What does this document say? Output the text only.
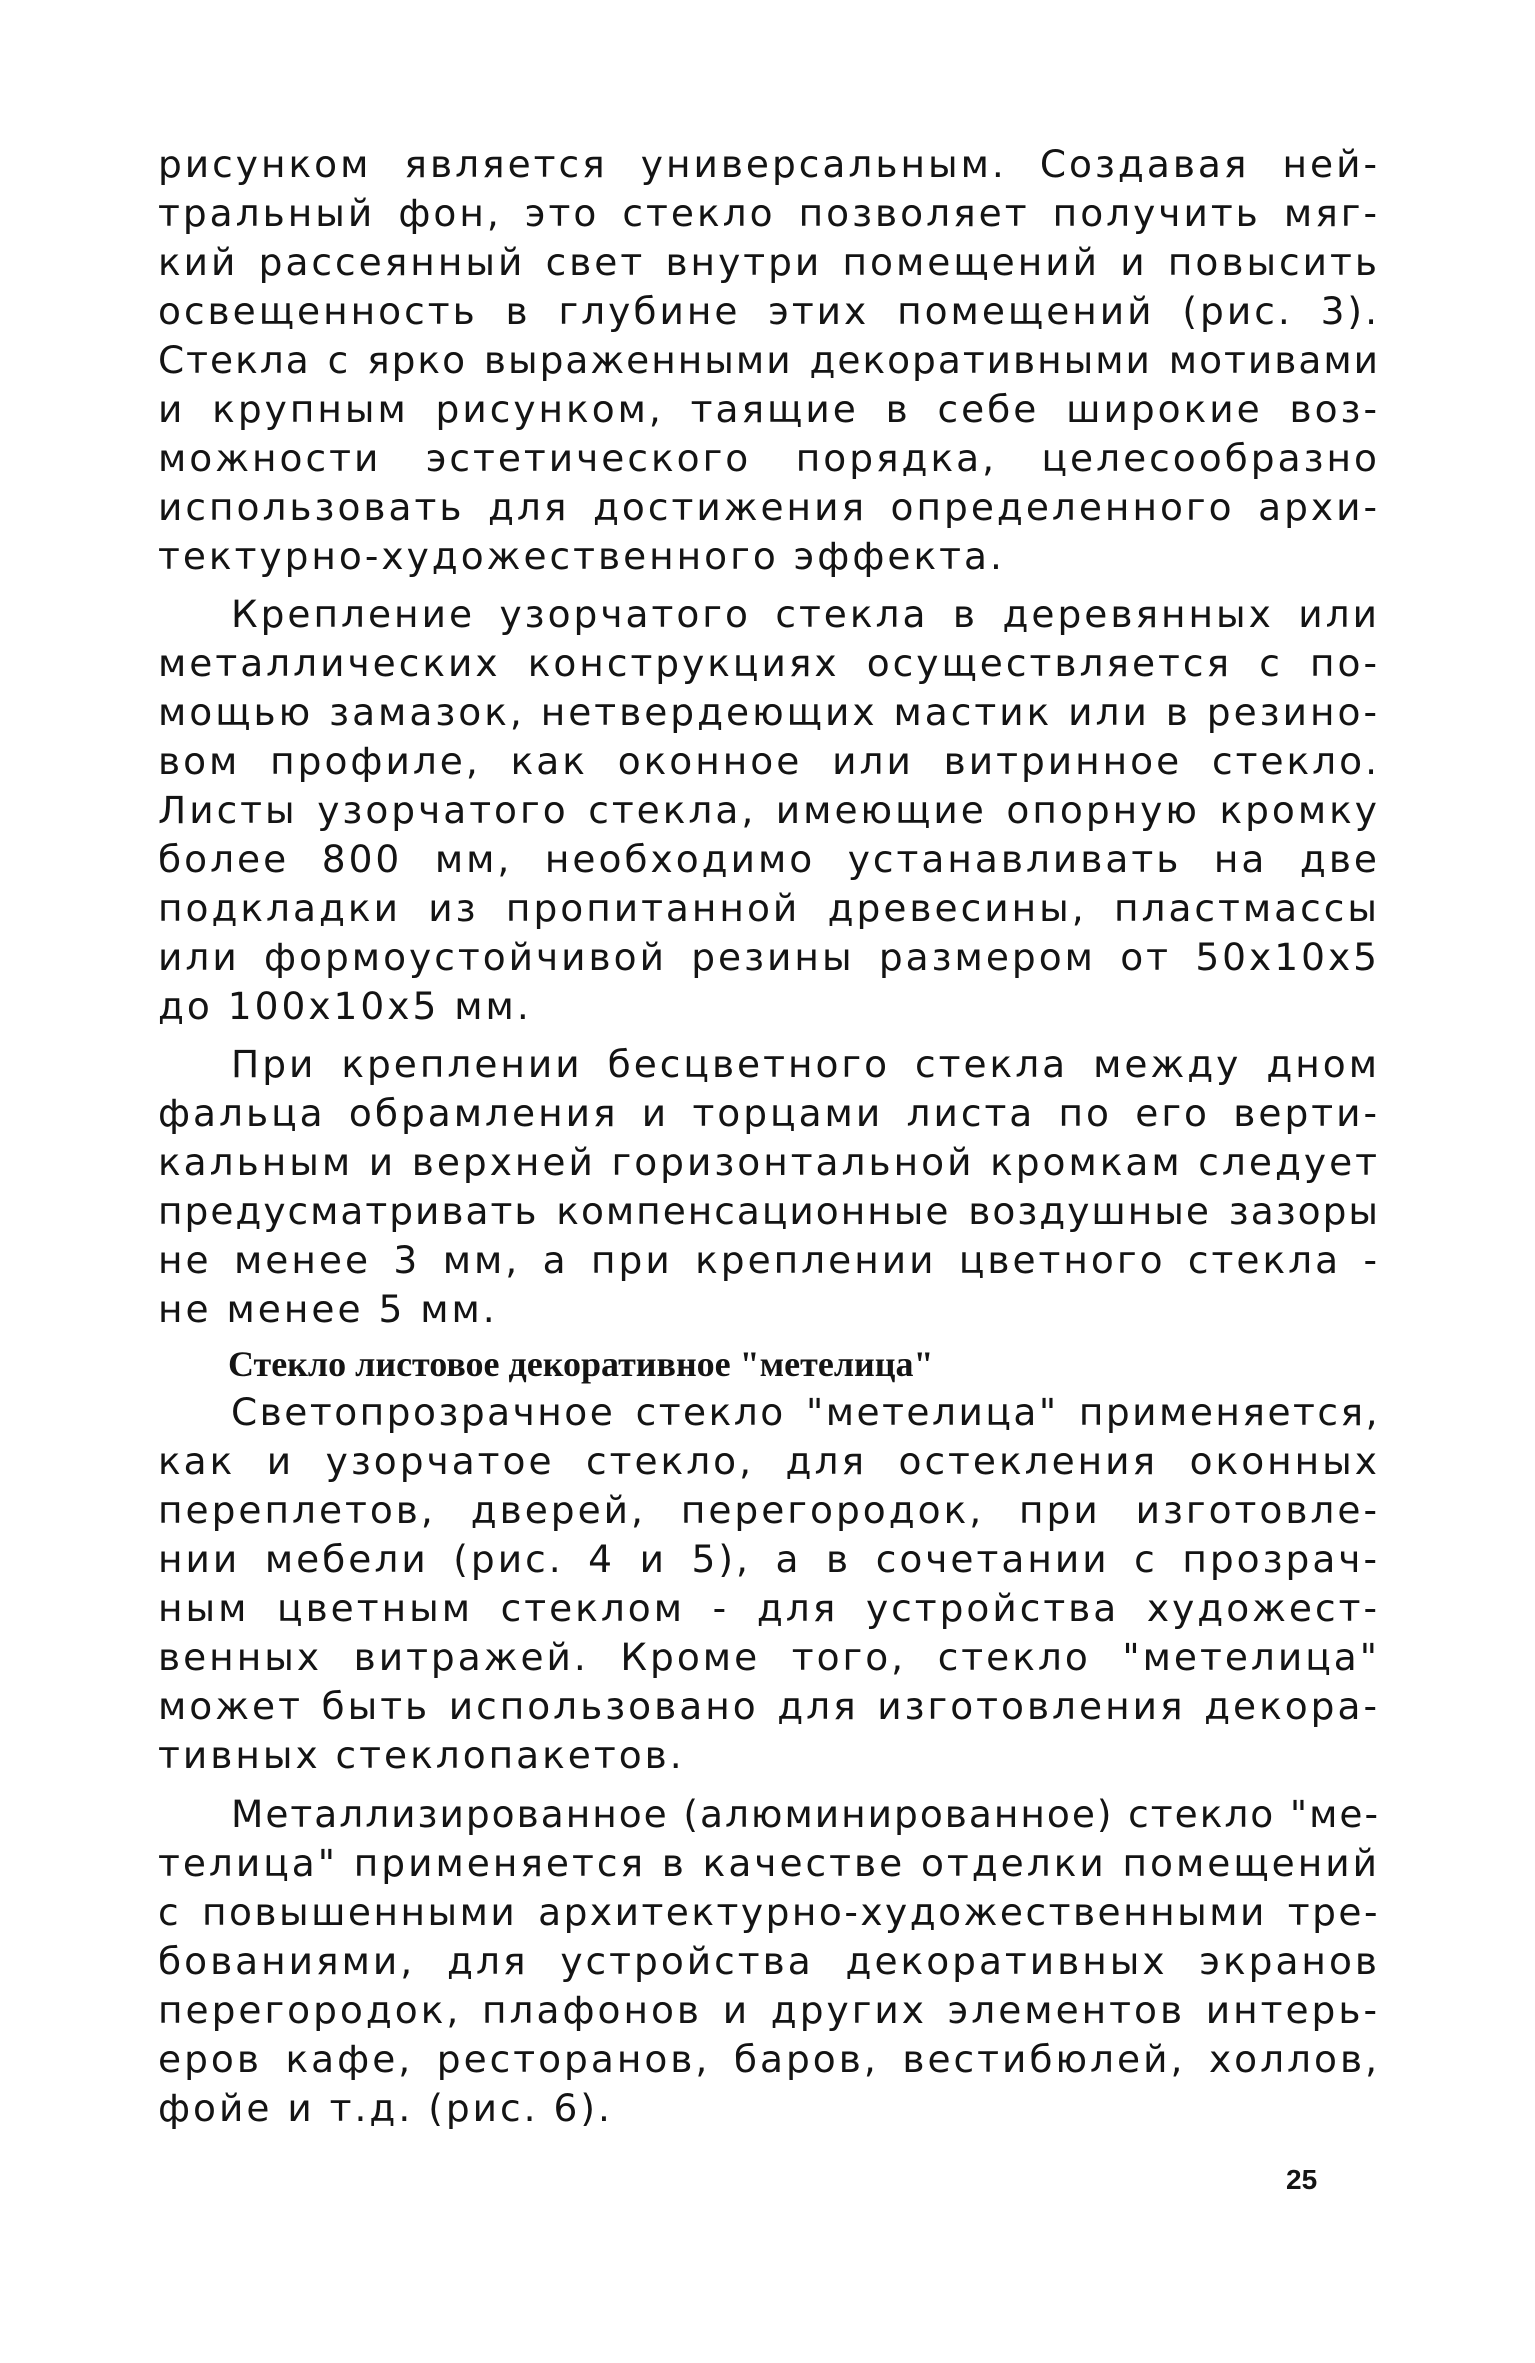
рисунком является универсальным. Создавая ней-
тральный фон, это стекло позволяет получить мяг-
кий рассеянный свет внутри помещений и повысить
освещенность в глубине этих помещений (рис. 3).
Стекла с ярко выраженными декоративными мотивами
и крупным рисунком, таящие в себе широкие воз-
можности эстетического порядка, целесообразно
использовать для достижения определенного архи-
тектурно-художественного эффекта.
Крепление узорчатого стекла в деревянных или
металлических конструкциях осуществляется с по-
мощью замазок, нетвердеющих мастик или в резино-
вом профиле, как оконное или витринное стекло.
Листы узорчатого стекла, имеющие опорную кромку
более 800 мм, необходимо устанавливать на две
подкладки из пропитанной древесины, пластмассы
или формоустойчивой резины размером от 50х10х5
до 100х10х5 мм.
При креплении бесцветного стекла между дном
фальца обрамления и торцами листа по его верти-
кальным и верхней горизонтальной кромкам следует
предусматривать компенсационные воздушные зазоры
не менее 3 мм, а при креплении цветного стекла -
не менее 5 мм.
Стекло листовое декоративное "метелица"
Светопрозрачное стекло "метелица" применяется,
как и узорчатое стекло, для остекления оконных
переплетов, дверей, перегородок, при изготовле-
нии мебели (рис. 4 и 5), а в сочетании с прозрач-
ным цветным стеклом - для устройства художест-
венных витражей. Кроме того, стекло "метелица"
может быть использовано для изготовления декора-
тивных стеклопакетов.
Металлизированное (алюминированное) стекло "ме-
телица" применяется в качестве отделки помещений
с повышенными архитектурно-художественными тре-
бованиями, для устройства декоративных экранов
перегородок, плафонов и других элементов интерь-
еров кафе, ресторанов, баров, вестибюлей, холлов,
фойе и т.д. (рис. 6).
25
